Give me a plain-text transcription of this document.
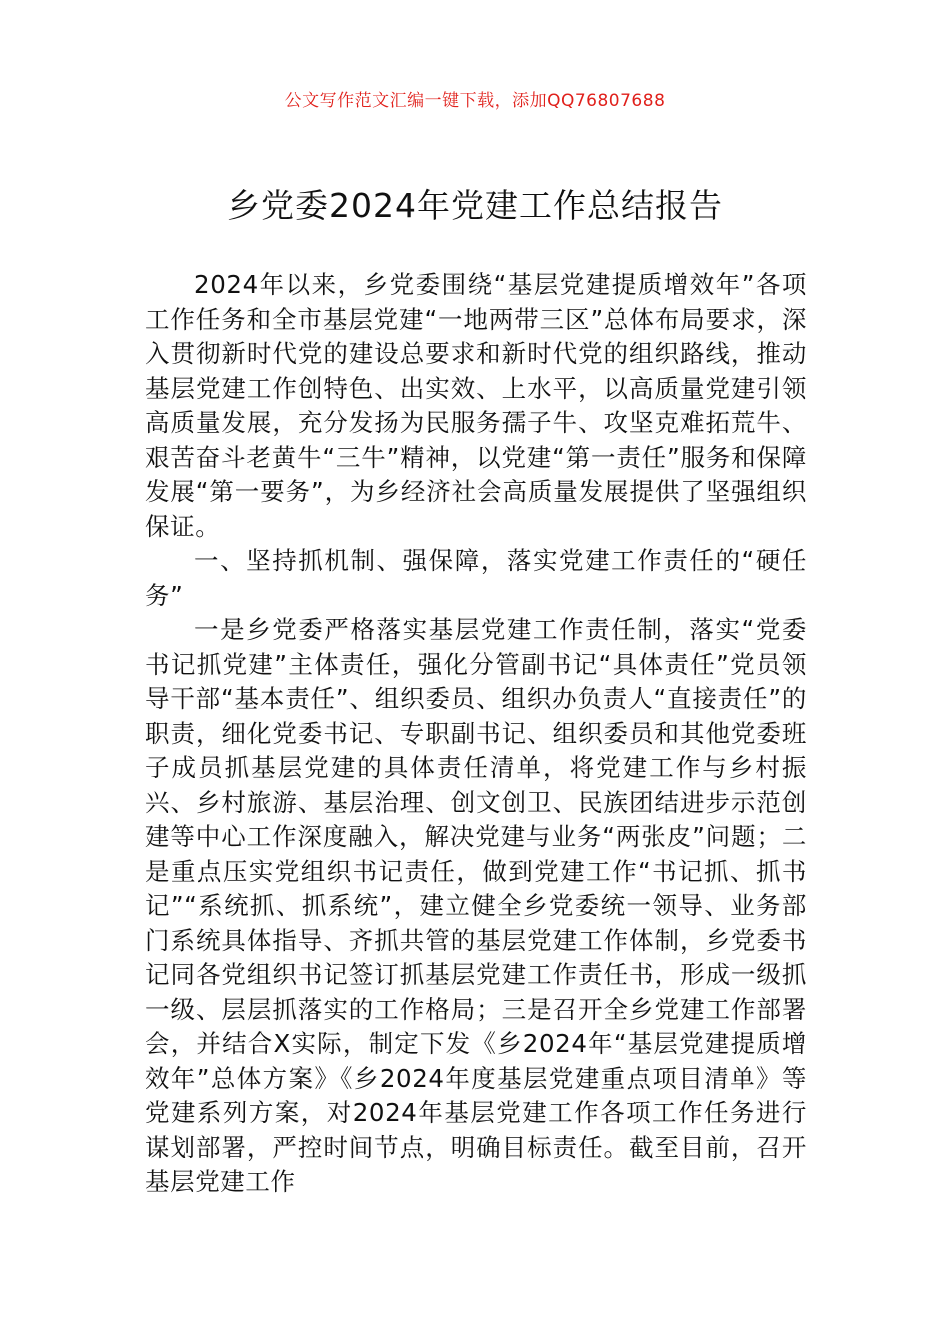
公文写作范文汇编一键下载，添加QQ76807688
乡党委2024年党建工作总结报告

2024年以来，乡党委围绕“基层党建提质增效年”各项工作任务和全市基层党建“一地两带三区”总体布局要求，深入贯彻新时代党的建设总要求和新时代党的组织路线，推动基层党建工作创特色、出实效、上水平，以高质量党建引领高质量发展，充分发扬为民服务孺子牛、攻坚克难拓荒牛、艰苦奋斗老黄牛“三牛”精神，以党建“第一责任”服务和保障发展“第一要务”，为乡经济社会高质量发展提供了坚强组织保证。

一、坚持抓机制、强保障，落实党建工作责任的“硬任务”

一是乡党委严格落实基层党建工作责任制，落实“党委书记抓党建”主体责任，强化分管副书记“具体责任”党员领导干部“基本责任”、组织委员、组织办负责人“直接责任”的职责，细化党委书记、专职副书记、组织委员和其他党委班子成员抓基层党建的具体责任清单，将党建工作与乡村振兴、乡村旅游、基层治理、创文创卫、民族团结进步示范创建等中心工作深度融入，解决党建与业务“两张皮”问题；二是重点压实党组织书记责任，做到党建工作“书记抓、抓书记”“系统抓、抓系统”，建立健全乡党委统一领导、业务部门系统具体指导、齐抓共管的基层党建工作体制，乡党委书记同各党组织书记签订抓基层党建工作责任书，形成一级抓一级、层层抓落实的工作格局；三是召开全乡党建工作部署会，并结合X实际，制定下发《乡2024年“基层党建提质增效年”总体方案》《乡2024年度基层党建重点项目清单》等党建系列方案，对2024年基层党建工作各项工作任务进行谋划部署，严控时间节点，明确目标责任。截至目前，召开基层党建工作
